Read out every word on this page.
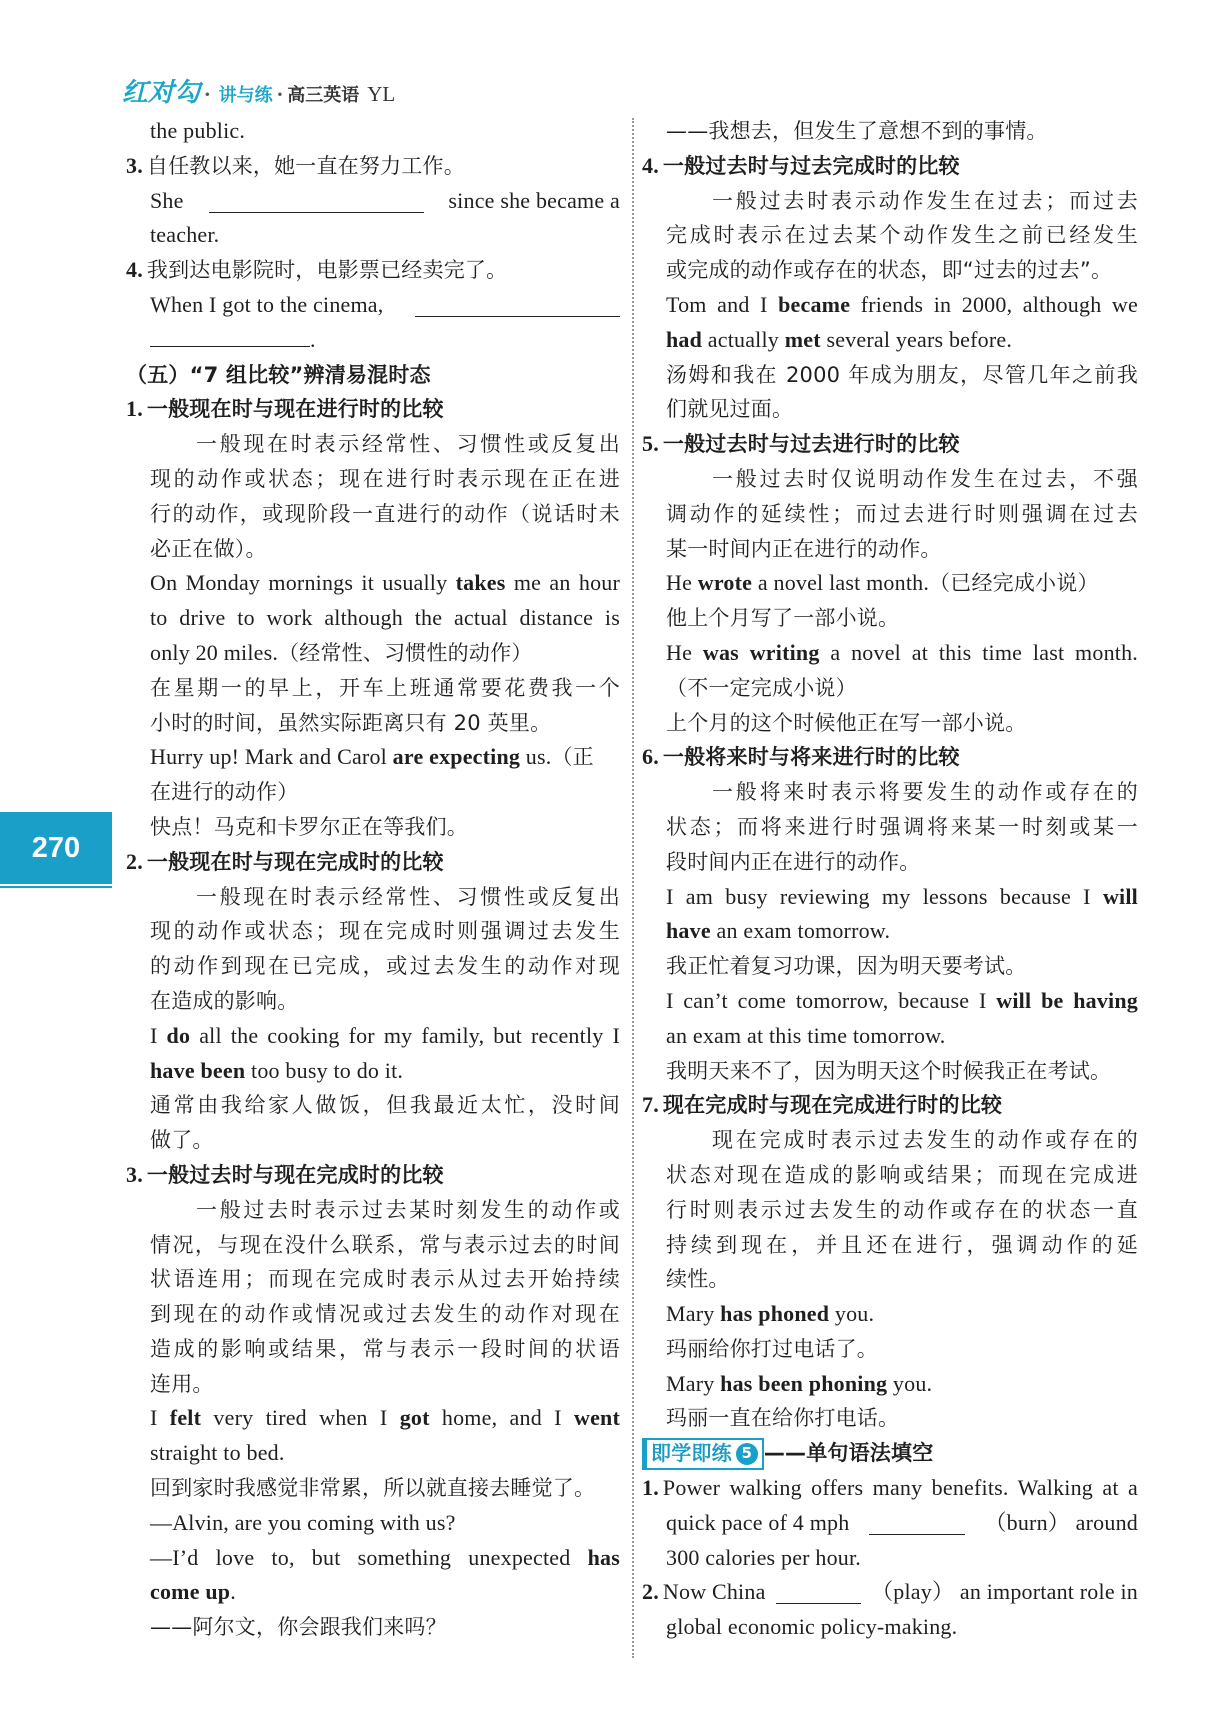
红对勾 · 讲与练 · 高三英语 YL
270
the public.
3. 自任教以来，她一直在努力工作。
She	since she became a
teacher.
4. 我到达电影院时，电影票已经卖完了。
When I got to the cinema,
.
（五）“7 组比较”辨清易混时态
1. 一般现在时与现在进行时的比较
一般现在时表示经常性、习惯性或反复出
现的动作或状态；现在进行时表示现在正在进
行的动作，或现阶段一直进行的动作（说话时未
必正在做）。
On Monday mornings it usually takes me an hour
to drive to work although the actual distance is
only 20 miles.（经常性、习惯性的动作）
在星期一的早上，开车上班通常要花费我一个
小时的时间，虽然实际距离只有 20 英里。
Hurry up! Mark and Carol are expecting us.（正
在进行的动作）
快点！马克和卡罗尔正在等我们。
2. 一般现在时与现在完成时的比较
一般现在时表示经常性、习惯性或反复出
现的动作或状态；现在完成时则强调过去发生
的动作到现在已完成，或过去发生的动作对现
在造成的影响。
I do all the cooking for my family, but recently I
have been too busy to do it.
通常由我给家人做饭，但我最近太忙，没时间
做了。
3. 一般过去时与现在完成时的比较
一般过去时表示过去某时刻发生的动作或
情况，与现在没什么联系，常与表示过去的时间
状语连用；而现在完成时表示从过去开始持续
到现在的动作或情况或过去发生的动作对现在
造成的影响或结果，常与表示一段时间的状语
连用。
I felt very tired when I got home, and I went
straight to bed.
回到家时我感觉非常累，所以就直接去睡觉了。
—Alvin, are you coming with us?
—I’d love to, but something unexpected has
come up.
——阿尔文，你会跟我们来吗？
——我想去，但发生了意想不到的事情。
4. 一般过去时与过去完成时的比较
一般过去时表示动作发生在过去；而过去
完成时表示在过去某个动作发生之前已经发生
或完成的动作或存在的状态，即“过去的过去”。
Tom and I became friends in 2000, although we
had actually met several years before.
汤姆和我在 2000 年成为朋友，尽管几年之前我
们就见过面。
5. 一般过去时与过去进行时的比较
一般过去时仅说明动作发生在过去，不强
调动作的延续性；而过去进行时则强调在过去
某一时间内正在进行的动作。
He wrote a novel last month.（已经完成小说）
他上个月写了一部小说。
He was writing a novel at this time last month.
（不一定完成小说）
上个月的这个时候他正在写一部小说。
6. 一般将来时与将来进行时的比较
一般将来时表示将要发生的动作或存在的
状态；而将来进行时强调将来某一时刻或某一
段时间内正在进行的动作。
I am busy reviewing my lessons because I will
have an exam tomorrow.
我正忙着复习功课，因为明天要考试。
I can’t come tomorrow, because I will be having
an exam at this time tomorrow.
我明天来不了，因为明天这个时候我正在考试。
7. 现在完成时与现在完成进行时的比较
现在完成时表示过去发生的动作或存在的
状态对现在造成的影响或结果；而现在完成进
行时则表示过去发生的动作或存在的状态一直
持续到现在，并且还在进行，强调动作的延
续性。
Mary has phoned you.
玛丽给你打过电话了。
Mary has been phoning you.
玛丽一直在给你打电话。
即学即练 5 ——单句语法填空
1. Power walking offers many benefits. Walking at a
quick pace of 4 mph	（burn） around
300 calories per hour.
2. Now China	（play） an important role in
global economic policy-making.
